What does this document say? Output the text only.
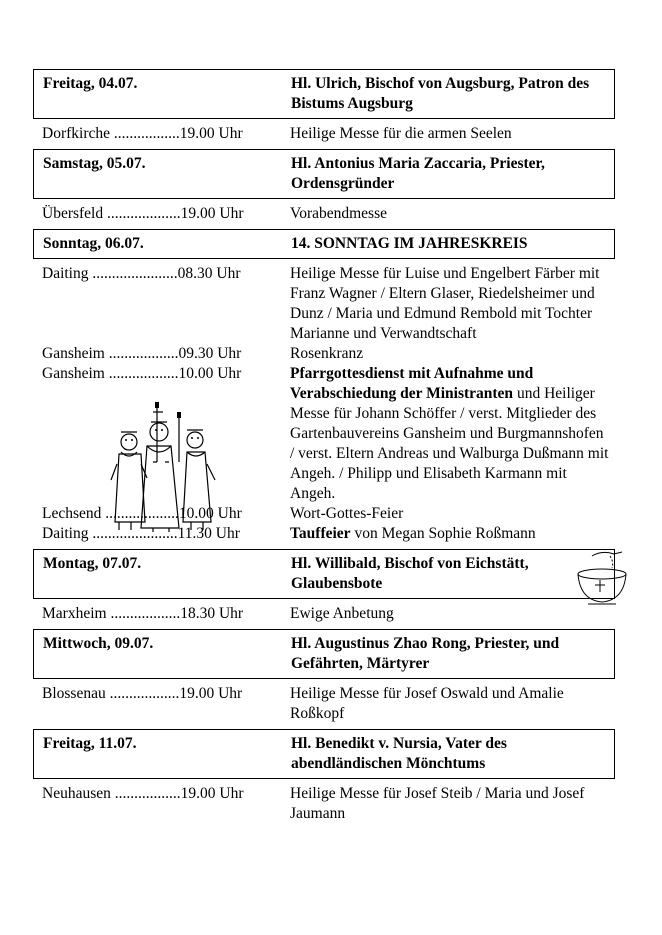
Freitag, 04.07.	Hl. Ulrich, Bischof von Augsburg, Patron des Bistums Augsburg
Dorfkirche .................19.00 Uhr	Heilige Messe für die armen Seelen
Samstag, 05.07.	Hl. Antonius Maria Zaccaria, Priester, Ordensgründer
Übersfeld ...................19.00 Uhr	Vorabendmesse
Sonntag, 06.07.	14. SONNTAG IM JAHRESKREIS
Daiting ......................08.30 Uhr	Heilige Messe für Luise und Engelbert Färber mit Franz Wagner / Eltern Glaser, Riedelsheimer und Dunz / Maria und Edmund Rembold mit Tochter Marianne und Verwandtschaft
Gansheim ..................09.30 Uhr	Rosenkranz
Gansheim ..................10.00 Uhr	Pfarrgottesdienst mit Aufnahme und Verabschiedung der Ministranten und Heiliger Messe für Johann Schöffer / verst. Mitglieder des Gartenbauvereins Gansheim und Burgmannshofen / verst. Eltern Andreas und Walburga Dußmann mit Angeh. / Philipp und Elisabeth Karmann mit Angeh.
Lechsend ...................10.00 Uhr	Wort-Gottes-Feier
Daiting ......................11.30 Uhr	Tauffeier von Megan Sophie Roßmann
Montag, 07.07.	Hl. Willibald, Bischof von Eichstätt, Glaubensbote
Marxheim ..................18.30 Uhr	Ewige Anbetung
Mittwoch, 09.07.	Hl. Augustinus Zhao Rong, Priester, und Gefährten, Märtyrer
Blossenau ..................19.00 Uhr	Heilige Messe für Josef Oswald und Amalie Roßkopf
Freitag, 11.07.	Hl. Benedikt v. Nursia, Vater des abendländischen Mönchtums
Neuhausen .................19.00 Uhr	Heilige Messe für Josef Steib / Maria und Josef Jaumann
